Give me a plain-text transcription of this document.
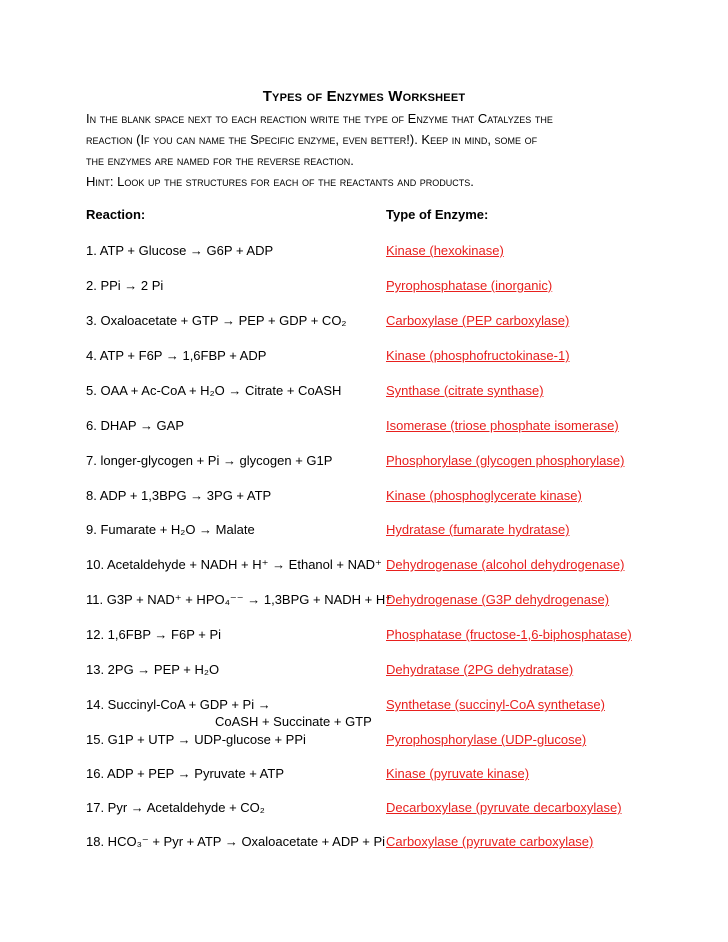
Types of Enzymes Worksheet
In the blank space next to each reaction write the type of Enzyme that Catalyzes the
reaction (If you can name the Specific enzyme, even better!). Keep in mind, some of
the enzymes are named for the reverse reaction.
Hint: Look up the structures for each of the reactants and products.
Reaction:	Type of Enzyme:
1. ATP + Glucose → G6P + ADP	Kinase (hexokinase)
2. PPi → 2 Pi	Pyrophosphatase (inorganic)
3. Oxaloacetate + GTP → PEP + GDP + CO₂	Carboxylase (PEP carboxylase)
4. ATP + F6P → 1,6FBP + ADP	Kinase (phosphofructokinase-1)
5. OAA + Ac-CoA + H₂O → Citrate + CoASH	Synthase (citrate synthase)
6. DHAP → GAP	Isomerase (triose phosphate isomerase)
7. longer-glycogen + Pi → glycogen + G1P	Phosphorylase (glycogen phosphorylase)
8. ADP + 1,3BPG → 3PG + ATP	Kinase (phosphoglycerate kinase)
9. Fumarate + H₂O → Malate	Hydratase (fumarate hydratase)
10. Acetaldehyde + NADH + H⁺ → Ethanol + NAD⁺ Dehydrogenase (alcohol dehydrogenase)
11. G3P + NAD⁺ + HPO₄⁻⁻ → 1,3BPG + NADH + H⁺
Dehydrogenase (G3P dehydrogenase)
12. 1,6FBP → F6P + Pi	Phosphatase (fructose-1,6-biphosphatase)
13. 2PG → PEP + H₂O	Dehydratase (2PG dehydratase)
14. Succinyl-CoA + GDP + Pi →
CoASH + Succinate + GTP
Synthetase (succinyl-CoA synthetase)
15. G1P + UTP → UDP-glucose + PPi	Pyrophosphorylase (UDP-glucose)
16. ADP + PEP → Pyruvate + ATP	Kinase (pyruvate kinase)
17. Pyr → Acetaldehyde + CO₂	Decarboxylase (pyruvate decarboxylase)
18. HCO₃⁻ + Pyr + ATP → Oxaloacetate + ADP + Pi Carboxylase (pyruvate carboxylase)
